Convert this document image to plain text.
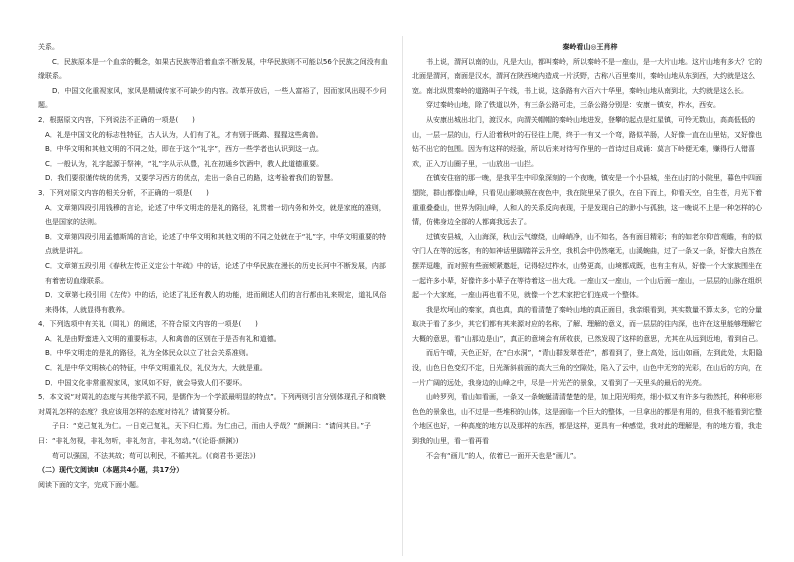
关系。

C．民族原本是一个血亲的概念，如果古民族等沿着血亲不断发展，中华民族则不可能以56个民族之间没有血缘联系。

D．中国文化重视家风，家风是精诚传家不可缺少的内容。改革开放后，一些人富裕了，因而家风出现不少问题。

2．根据原文内容，下列说法不正确的一项是(　　)

A．礼是中国文化的标志性特征，古人认为，人们有了礼，才有别于既鹉、猩猩这些禽兽。

B．中华文明和其他文明的不同之处，即在于这个“礼字”，西方一些学者也认识到这一点。

C．一般认为，礼字起源于祭神，“礼”字从示从豊，礼在初通乡饮酒中，教人此道德重要。

D．我们要很谨传统的优秀，又要学习西方的优点，走出一条自己的路，这考验着我们的智慧。

3．下列对原文内容的相关分析，不正确的一项是(　　)

A．文章第四段引用钱穆的言论，论述了中华文明走的是礼的路径，礼贯着一切内务和外交，就是家庭的准则，也是国家的法则。

B．文章第四段引用孟德斯鸠的言论，论述了中华文明和其他文明的不同之处就在于“礼”字，中华文明重要的特点就是讲礼。

C．文章第五段引用《春秋左传正义定公十年疏》中的话，论述了中华民族在漫长的历史长河中不断发展，内部有着密切血缘联系。

D．文章第七段引用《左传》中的话，论述了礼还有教人的功能，进而阐述人们的言行都由礼来规定，道礼风俗来得体，人就显得有教养。

4．下列选项中有关礼（周礼）的阐述，不符合原文内容的一项是(　　)

A．礼是由野蛮进入文明的重要标志，人和禽兽的区别在于是否有礼和道德。

B．中华文明走的是礼的路径，礼为全体民众以立了社会关系准则。

C．礼是中华文明核心的特征，中华文明重礼仪，礼仪为大，大就是重。

D．中国文化非常重视家风，家风如不好，就会导致人们不要坏。

5．本文说“对周礼的态度与其他学派不同，是儒作为一个学派最明显的特点”。下列两则引言分别体现孔子和商鞅对周礼怎样的态度？我应该用怎样的态度对待礼？请简要分析。

子曰：“克己复礼为仁。一日克己复礼，天下归仁焉。为仁由己，而由人乎哉？”颜渊曰：“请问其目。”子曰：“非礼勿视，非礼勿听，非礼勿言，非礼勿动。”(《论语·颜渊》)

苟可以强国，不法其故；苟可以利民，不循其礼。(《商君书·更法》)

（二）现代文阅读Ⅱ（本题共4小题，共17分）

阅读下面的文字，完成下面小题。

秦岭看山◎王肖梓

书上说，渭河以南的山，凡是大山，都叫秦岭，所以秦岭不是一座山，是一大片山地。这片山地有多大？它的北面是渭河，南面是汉水，渭河在陕西境内造成一片沃野，古称八百里秦川，秦岭山地从东到西，大约就是这么宽。南北纵贯秦岭的道路叫子午线，书上说，这条路有六百六十华里，秦岭山地从南到北，大约就是这么长。

穿过秦岭山地，除了铁道以外，有三条公路可走，三条公路分别是：安康－镇安，柞水，西安。

从安康出城出北门，渡汉水，向渭关帽帽的秦岭山地进发，登攀的起点是红星镇，可怜无数山，高高低低的山，一层一层的山，行人沿着秋叶的石径往上爬，终于一有又一个弯，路似羊肠，人好像一直在山里钻，又好像也钻不出它的包围。因为有这样的经验，所以后来对待写作里的一首诗过目成诵：莫言下岭便无难，赚得行人错喜欢，正入万山圈子里，一山放出一山拦。

在镇安住宿的那一晚，是我平生中印象深刻的一个夜晚，镇安是一个小县城，坐在山打的小院里，暮色中四面望院，群山都像山峰，只看见山影映照在夜色中，我在院里呆了很久，在自下而上，仰看天空，自生苍，月光下着重重叠叠山，世界为阴山峰，人和人的关系反向表现，于是发现自己的渺小与孤独，这一晚说不上是一种怎样的心情，仿佛身边全部的人都离我远去了。

过镇安县城，入山海深，秋山云气缭绕，山峰峭净，山不知名，各有面目精彩；有的如老尔仰首观瞻，有的似守门人在等的远客，有的如神话里脚踏祥云升空，我机会中仍然毫无，山溪蜿曲，过了一条又一条，好像大自然在摆弄逗趣，而对照有些面颊紧邀赶，记得轻过柞水，山势更高，山境都成既，也有主有从，好像一个大家族围坐在一起许多小辈，好像许多小辈子在等待着这一出大戏。一座山又一座山，一个山后面一座山，一层层的山脉在组织起一个大家庭，一座山再也看不见，就像一个艺术家把它们连成一个整体。

我是坎坷山的秦家，真也真，真的看清楚了秦岭山地的真正面目，我亲眼看到，其实数量不算太多，它的分量取决于看了多少，其它们都有其来源对应的名称，了解、理解的意义，而一层层的往内深，也许在这里能够理解它大概的意思，看“山那边是山”，真正的意境会有所收获，已然发现了这样的意思，尤其在从远到近地，看到自己。

而后午晴，天色正好，在“白水洞”，“青山群发翠苍茫”，都看到了，登上高处，远山如画，左到此处，太阳隐没，山色日色变幻不定，日光渐斜前面的高大三角的空隙处，陷入了云中，山色中无穷的光彩，在山后的方向，在一片广阔的远处，我身边的山峰之中，尽是一片光芒的景象，又看到了一天里头的最后的光亮。

山岭罗列，看山如看画，一条又一条蜿蜒清清楚楚的是，加上阳光明亮，细小似又有许多与勃然托，种种形形色色的景象也，山不过是一些堆积的山体，这是面临一个巨大的整体，一旦拿出的都是有用的，但我不能看到它整个地区也好，一种高度的地方以及那样的东西，都是这样，更具有一种感觉，我对此的理解是，有的地方看，我走到我的山里，看一看再看

不会有“画儿”的人，依着已一面开天也是“画儿”。
